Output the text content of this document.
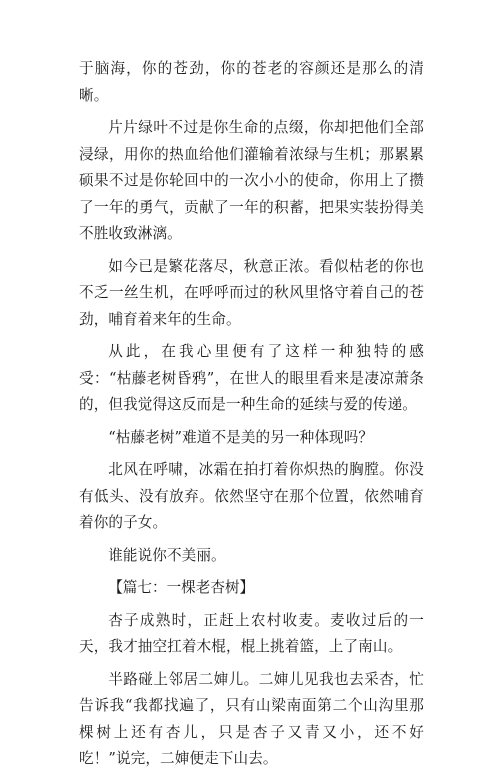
于脑海，你的苍劲，你的苍老的容颜还是那么的清晰。

片片绿叶不过是你生命的点缀，你却把他们全部浸绿，用你的热血给他们灌输着浓绿与生机；那累累硕果不过是你轮回中的一次小小的使命，你用上了攒了一年的勇气，贡献了一年的积蓄，把果实装扮得美不胜收致淋漓。

如今已是繁花落尽，秋意正浓。看似枯老的你也不乏一丝生机，在呼呼而过的秋风里恪守着自己的苍劲，哺育着来年的生命。

从此，在我心里便有了这样一种独特的感受：“枯藤老树昏鸦”，在世人的眼里看来是凄凉萧条的，但我觉得这反而是一种生命的延续与爱的传递。

“枯藤老树”难道不是美的另一种体现吗？

北风在呼啸，冰霜在拍打着你炽热的胸膛。你没有低头、没有放弃。依然坚守在那个位置，依然哺育着你的子女。

谁能说你不美丽。

【篇七：一棵老杏树】

杏子成熟时，正赶上农村收麦。麦收过后的一天，我才抽空扛着木棍，棍上挑着篮，上了南山。

半路碰上邻居二婶儿。二婶儿见我也去采杏，忙告诉我“我都找遍了，只有山梁南面第二个山沟里那棵树上还有杏儿，只是杏子又青又小，还不好吃！”说完，二婶便走下山去。
